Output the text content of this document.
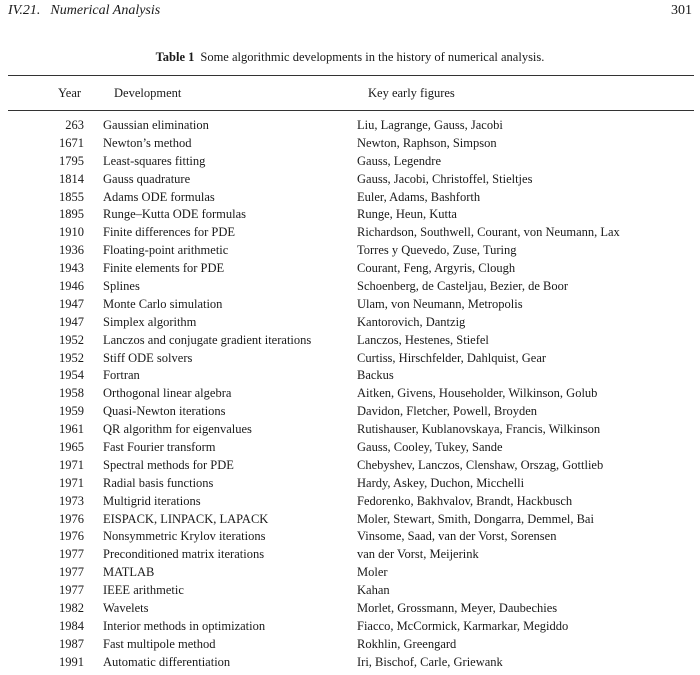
IV.21. Numerical Analysis	301
Table 1 Some algorithmic developments in the history of numerical analysis.
Year	Development	Key early figures
263 Gaussian elimination	Liu, Lagrange, Gauss, Jacobi
1671 Newton’s method	Newton, Raphson, Simpson
1795 Least-squares fitting	Gauss, Legendre
1814 Gauss quadrature	Gauss, Jacobi, Christoffel, Stieltjes
1855 Adams ODE formulas	Euler, Adams, Bashforth
1895 Runge–Kutta ODE formulas	Runge, Heun, Kutta
1910 Finite differences for PDE	Richardson, Southwell, Courant, von Neumann, Lax
1936 Floating-point arithmetic	Torres y Quevedo, Zuse, Turing
1943 Finite elements for PDE	Courant, Feng, Argyris, Clough
1946 Splines	Schoenberg, de Casteljau, Bezier, de Boor
1947 Monte Carlo simulation	Ulam, von Neumann, Metropolis
1947 Simplex algorithm	Kantorovich, Dantzig
1952 Lanczos and conjugate gradient iterations	Lanczos, Hestenes, Stiefel
1952 Stiff ODE solvers	Curtiss, Hirschfelder, Dahlquist, Gear
1954 Fortran	Backus
1958 Orthogonal linear algebra	Aitken, Givens, Householder, Wilkinson, Golub
1959 Quasi-Newton iterations	Davidon, Fletcher, Powell, Broyden
1961 QR algorithm for eigenvalues	Rutishauser, Kublanovskaya, Francis, Wilkinson
1965 Fast Fourier transform	Gauss, Cooley, Tukey, Sande
1971 Spectral methods for PDE	Chebyshev, Lanczos, Clenshaw, Orszag, Gottlieb
1971 Radial basis functions	Hardy, Askey, Duchon, Micchelli
1973 Multigrid iterations	Fedorenko, Bakhvalov, Brandt, Hackbusch
1976 EISPACK, LINPACK, LAPACK	Moler, Stewart, Smith, Dongarra, Demmel, Bai
1976 Nonsymmetric Krylov iterations	Vinsome, Saad, van der Vorst, Sorensen
1977 Preconditioned matrix iterations	van der Vorst, Meijerink
1977 MATLAB	Moler
1977 IEEE arithmetic	Kahan
1982 Wavelets	Morlet, Grossmann, Meyer, Daubechies
1984 Interior methods in optimization	Fiacco, McCormick, Karmarkar, Megiddo
1987 Fast multipole method	Rokhlin, Greengard
1991 Automatic differentiation	Iri, Bischof, Carle, Griewank
